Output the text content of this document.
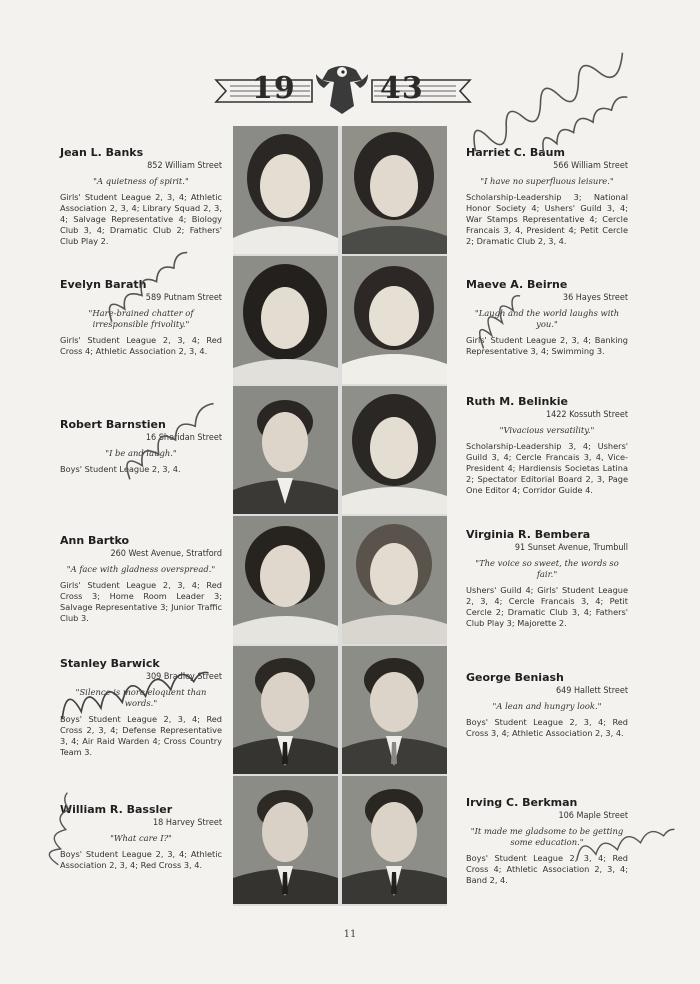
19	43
Jean L. Banks
852 William Street
"A quietness of spirit."
Girls' Student League 2, 3, 4; Athletic Association 2, 3, 4; Library Squad 2, 3, 4; Salvage Representative 4; Biology Club 3, 4; Dramatic Club 2; Fathers' Club Play 2.
Evelyn Barath
589 Putnam Street
"Hare-brained chatter of irresponsible frivolity."
Girls' Student League 2, 3, 4; Red Cross 4; Athletic Association 2, 3, 4.
Robert Barnstien
16 Sheridan Street
"I be and laugh."
Boys' Student League 2, 3, 4.
Ann Bartko
260 West Avenue, Stratford
"A face with gladness overspread."
Girls' Student League 2, 3, 4; Red Cross 3; Home Room Leader 3; Salvage Representative 3; Junior Traffic Club 3.
Stanley Barwick
309 Bradley Street
"Silence is more eloquent than words."
Boys' Student League 2, 3, 4; Red Cross 2, 3, 4; Defense Representative 3, 4; Air Raid Warden 4; Cross Country Team 3.
William R. Bassler
18 Harvey Street
"What care I?"
Boys' Student League 2, 3, 4; Athletic Association 2, 3, 4; Red Cross 3, 4.
Harriet C. Baum
566 William Street
"I have no superfluous leisure."
Scholarship-Leadership 3; National Honor Society 4; Ushers' Guild 3, 4; War Stamps Representative 4; Cercle Francais 3, 4, President 4; Petit Cercle 2; Dramatic Club 2, 3, 4.
Maeve A. Beirne
36 Hayes Street
"Laugh and the world laughs with you."
Girls' Student League 2, 3, 4; Banking Representative 3, 4; Swimming 3.
Ruth M. Belinkie
1422 Kossuth Street
"Vivacious versatility."
Scholarship-Leadership 3, 4; Ushers' Guild 3, 4; Cercle Francais 3, 4, Vice-President 4; Hardiensis Societas Latina 2; Spectator Editorial Board 2, 3, Page One Editor 4; Corridor Guide 4.
Virginia R. Bembera
91 Sunset Avenue, Trumbull
"The voice so sweet, the words so fair."
Ushers' Guild 4; Girls' Student League 2, 3, 4; Cercle Francais 3, 4; Petit Cercle 2; Dramatic Club 3, 4; Fathers' Club Play 3; Majorette 2.
George Beniash
649 Hallett Street
"A lean and hungry look."
Boys' Student League 2, 3, 4; Red Cross 3, 4; Athletic Association 2, 3, 4.
Irving C. Berkman
106 Maple Street
"It made me gladsome to be getting some education."
Boys' Student League 2, 3, 4; Red Cross 4; Athletic Association 2, 3, 4; Band 2, 4.
11
